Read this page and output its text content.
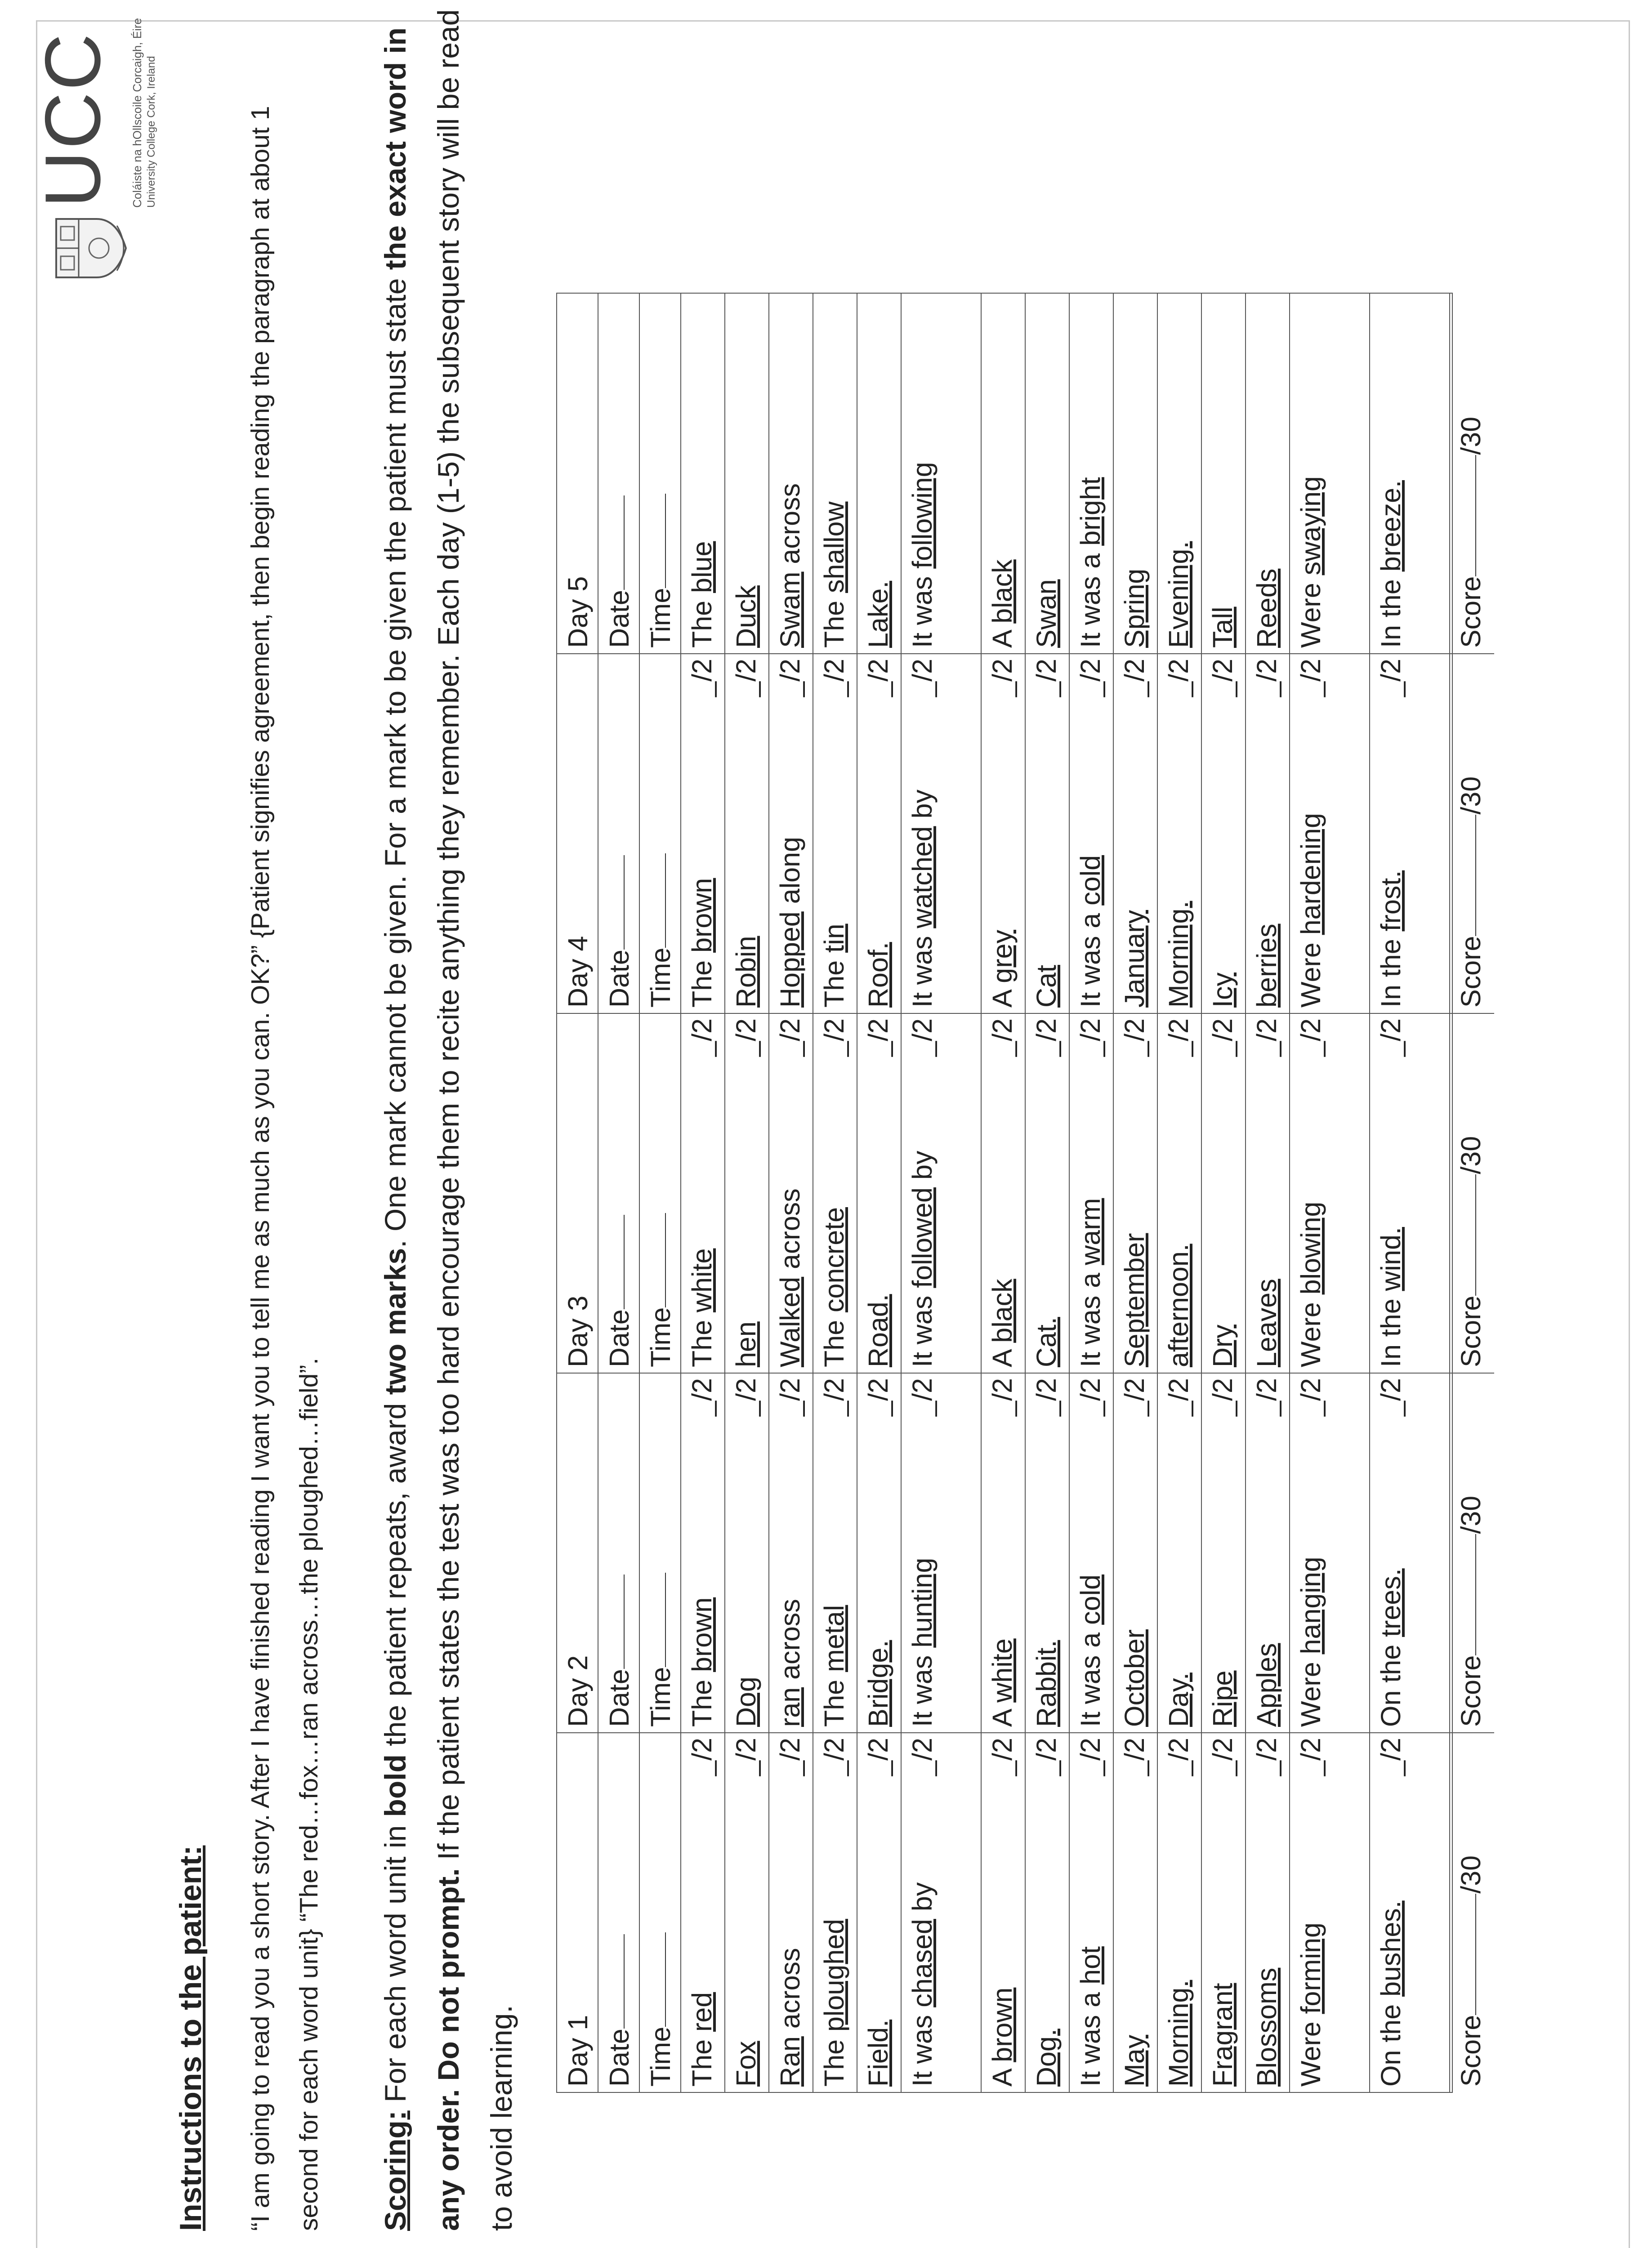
Instructions to the patient:	“I am going to read you a short story. After I have finished reading I want you to tell me as much as you can. OK?” {Patient signifies agreement, then begin reading the paragraph at about 1 second for each word unit} “The red…fox…ran across…the ploughed…field”.	Scoring: For each word unit in bold the patient repeats, award two marks. One mark cannot be given. For a mark to be given the patient must state the exact word in any order. Do not prompt. If the patient states the test was too hard encourage them to recite anything they remember. Each day (1-5) the subsequent story will be read to avoid learning.

UCC Coláiste na hOllscoile Corcaigh, Éire University College Cork, Ireland
Day 1 Date Time The red
_/2
Fox
_/2
Ran across
_/2
The ploughed
_/2
Field.
_/2
It was chased by
_/2
A brown
_/2
Dog.
_/2
It was a hot
_/2
May
_/2
Morning.
_/2
Fragrant
_/2
Blossoms
_/2
Were forming
_/2
On the bushes.
_/2
Score
/30
Day 2 Date Time The brown
_/2
Dog
_/2
ran across
_/2
The metal
_/2
Bridge.
_/2
It was hunting
_/2
A white
_/2
Rabbit.
_/2
It was a cold
_/2
October
_/2
Day.
_/2
Ripe
_/2
Apples
_/2
Were hanging
_/2
On the trees.
_/2
Score
/30
Day 3 Date Time The white
_/2
hen
_/2
Walked across
_/2
The concrete
_/2
Road.
_/2
It was followed by
_/2
A black
_/2
Cat.
_/2
It was a warm
_/2
September
_/2
afternoon.
_/2
Dry
_/2
Leaves
_/2
Were blowing
_/2
In the wind.
_/2
Score
/30
Day 4 Date Time The brown
_/2
Robin
_/2
Hopped along
_/2
The tin
_/2
Roof.
_/2
It was watched by
_/2
A grey
_/2
Cat
_/2
It was a cold
_/2
January
_/2
Morning.
_/2
Icy
_/2
berries
_/2
Were hardening
_/2
In the frost.
_/2
Score
/30
Day 5 Date Time The blue
Duck Swam across
The shallow
Lake. It was following
A black Swan It was a bright
Spring Evening. Tall Reeds Were swaying
In the breeze.
Score
/30
